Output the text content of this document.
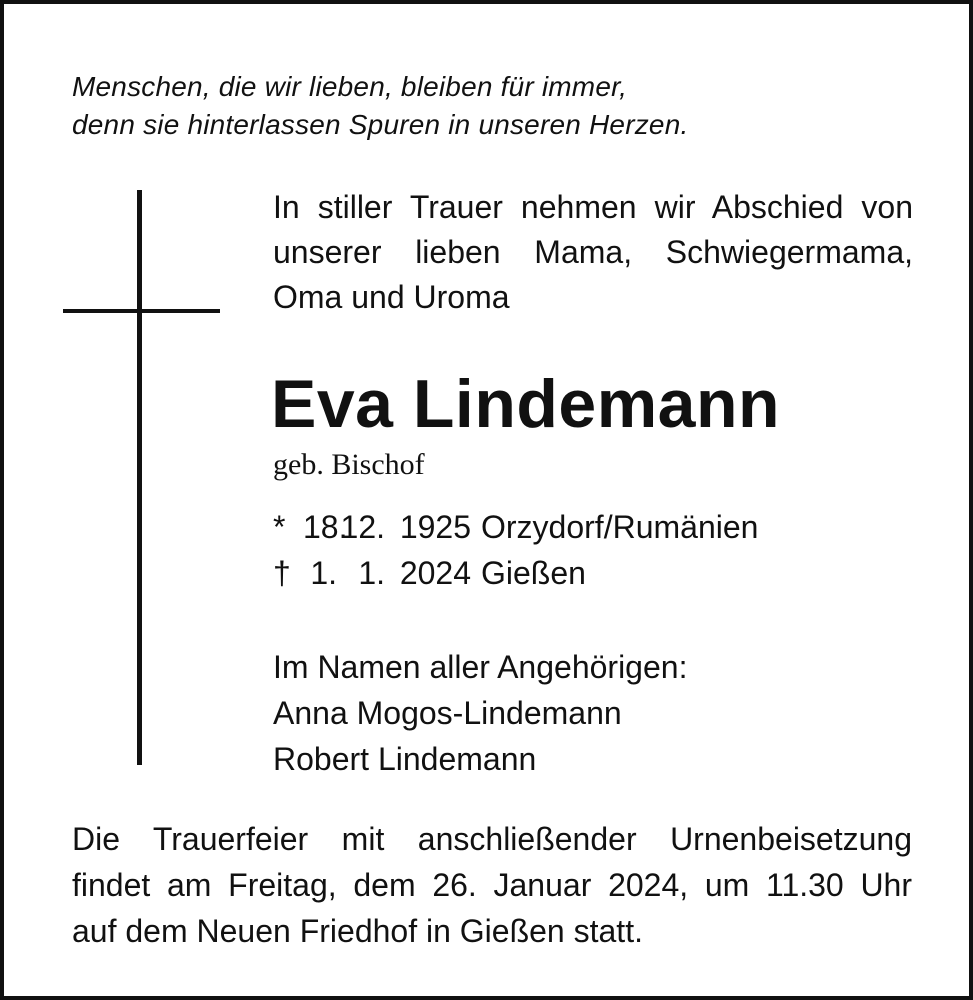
Menschen, die wir lieben, bleiben für immer,
denn sie hinterlassen Spuren in unseren Herzen.
In stiller Trauer nehmen wir Abschied von
unserer lieben Mama, Schwiegermama,
Oma und Uroma
Eva Lindemann
geb. Bischof
* 18.
12. 1925 Orzydorf/Rumänien
† 1. 1. 2024 Gießen
Im Namen aller Angehörigen:
Anna Mogos-Lindemann
Robert Lindemann
Die Trauerfeier mit anschließender Urnenbeisetzung
findet am Freitag, dem 26. Januar 2024, um 11.30 Uhr
auf dem Neuen Friedhof in Gießen statt.
